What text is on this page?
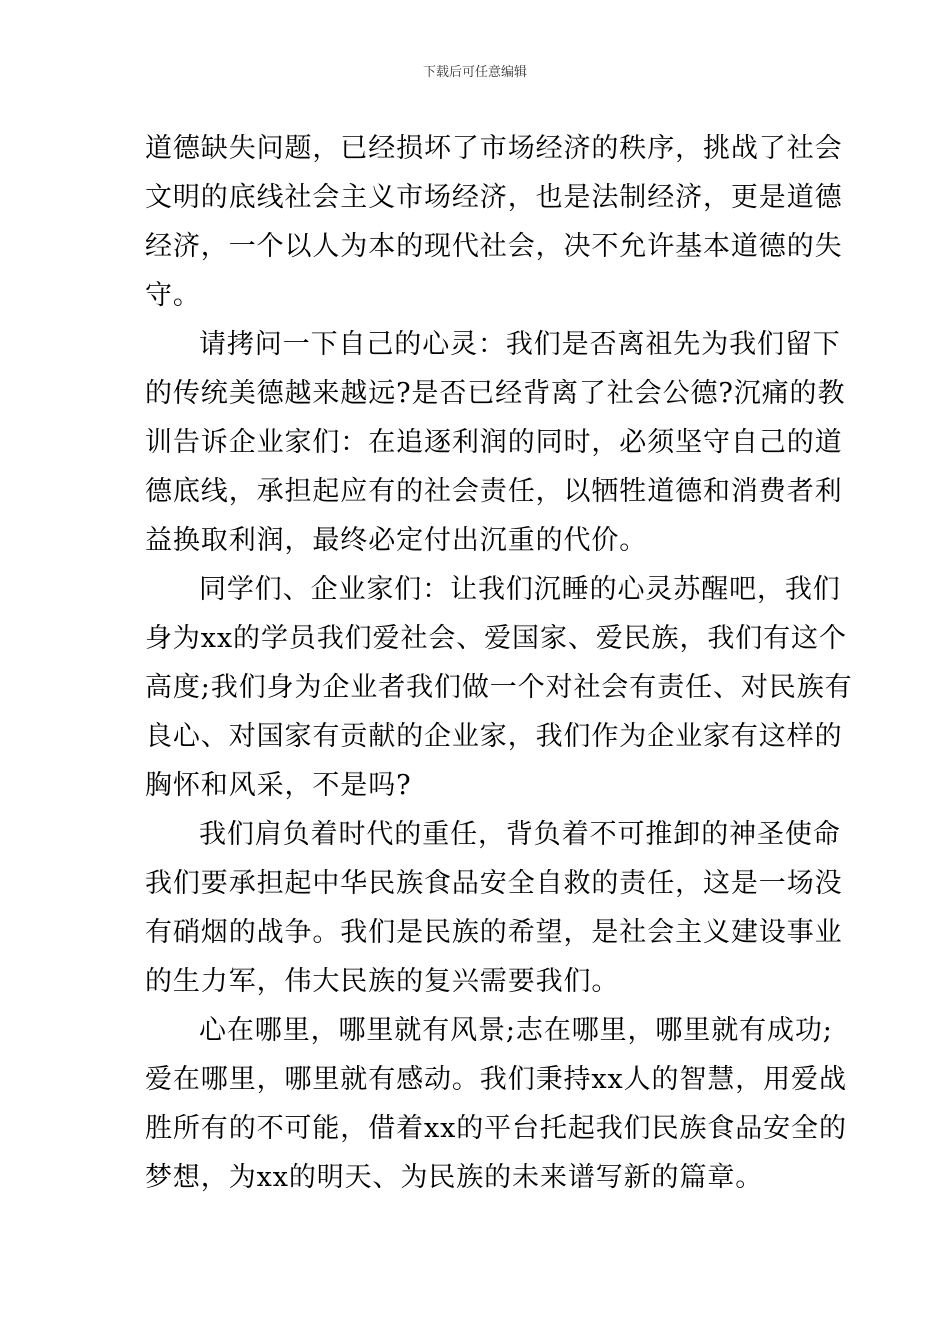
下载后可任意编辑

道德缺失问题，已经损坏了市场经济的秩序，挑战了社会
文明的底线社会主义市场经济，也是法制经济，更是道德
经济，一个以人为本的现代社会，决不允许基本道德的失
守。

请拷问一下自己的心灵：我们是否离祖先为我们留下
的传统美德越来越远?是否已经背离了社会公德?沉痛的教
训告诉企业家们：在追逐利润的同时，必须坚守自己的道
德底线，承担起应有的社会责任，以牺牲道德和消费者利
益换取利润，最终必定付出沉重的代价。

同学们、企业家们：让我们沉睡的心灵苏醒吧，我们
身为xx的学员我们爱社会、爱国家、爱民族，我们有这个
高度;我们身为企业者我们做一个对社会有责任、对民族有
良心、对国家有贡献的企业家，我们作为企业家有这样的
胸怀和风采，不是吗?

我们肩负着时代的重任，背负着不可推卸的神圣使命
我们要承担起中华民族食品安全自救的责任，这是一场没
有硝烟的战争。我们是民族的希望，是社会主义建设事业
的生力军，伟大民族的复兴需要我们。

心在哪里，哪里就有风景;志在哪里，哪里就有成功;
爱在哪里，哪里就有感动。我们秉持xx人的智慧，用爱战
胜所有的不可能，借着xx的平台托起我们民族食品安全的
梦想，为xx的明天、为民族的未来谱写新的篇章。
